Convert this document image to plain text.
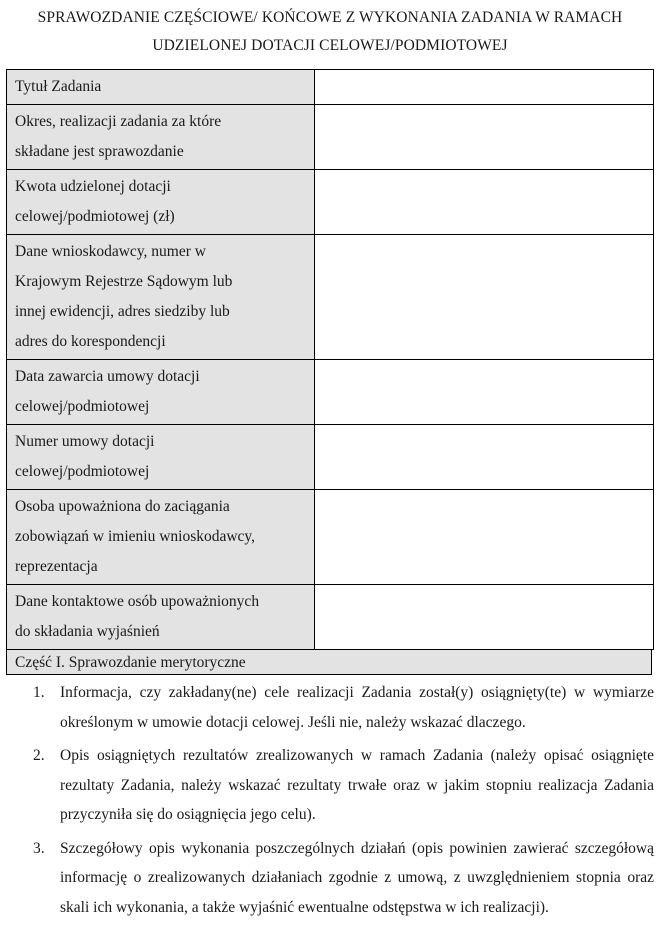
SPRAWOZDANIE CZĘŚCIOWE/ KOŃCOWE Z WYKONANIA ZADANIA W RAMACH
UDZIELONEJ DOTACJI CELOWEJ/PODMIOTOWEJ
Tytuł Zadania	

Okres, realizacji zadania za które
składane jest sprawozdanie	

Kwota udzielonej dotacji
celowej/podmiotowej (zł)	

Dane wnioskodawcy, numer w
Krajowym Rejestrze Sądowym lub
innej ewidencji, adres siedziby lub
adres do korespondencji	

Data zawarcia umowy dotacji
celowej/podmiotowej	

Numer umowy dotacji
celowej/podmiotowej	

Osoba upoważniona do zaciągania
zobowiązań w imieniu wnioskodawcy,
reprezentacja	

Dane kontaktowe osób upoważnionych
do składania wyjaśnień	

Część I. Sprawozdanie merytoryczne
1. Informacja, czy zakładany(ne) cele realizacji Zadania został(y) osiągnięty(te) w wymiarze określonym w umowie dotacji celowej. Jeśli nie, należy wskazać dlaczego.
2. Opis osiągniętych rezultatów zrealizowanych w ramach Zadania (należy opisać osiągnięte rezultaty Zadania, należy wskazać rezultaty trwałe oraz w jakim stopniu realizacja Zadania przyczyniła się do osiągnięcia jego celu).
3. Szczegółowy opis wykonania poszczególnych działań (opis powinien zawierać szczegółową informację o zrealizowanych działaniach zgodnie z umową, z uwzględnieniem stopnia oraz skali ich wykonania, a także wyjaśnić ewentualne odstępstwa w ich realizacji).
